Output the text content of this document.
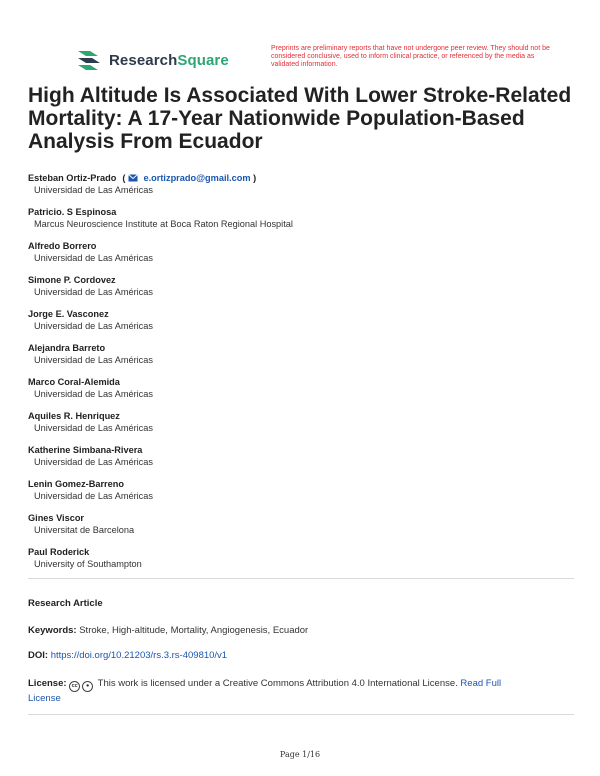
ResearchSquare
Preprints are preliminary reports that have not undergone peer review. They should not be considered conclusive, used to inform clinical practice, or referenced by the media as validated information.
High Altitude Is Associated With Lower Stroke-Related Mortality: A 17-Year Nationwide Population-Based Analysis From Ecuador
Esteban Ortiz-Prado ( e.ortizprado@gmail.com )
Universidad de Las Américas
Patricio. S Espinosa
Marcus Neuroscience Institute at Boca Raton Regional Hospital
Alfredo Borrero
Universidad de Las Américas
Simone P. Cordovez
Universidad de Las Américas
Jorge E. Vasconez
Universidad de Las Américas
Alejandra Barreto
Universidad de Las Américas
Marco Coral-Alemida
Universidad de Las Américas
Aquiles R. Henriquez
Universidad de Las Américas
Katherine Simbana-Rivera
Universidad de Las Américas
Lenin Gomez-Barreno
Universidad de Las Américas
Gines Viscor
Universitat de Barcelona
Paul Roderick
University of Southampton
Research Article
Keywords: Stroke, High-altitude, Mortality, Angiogenesis, Ecuador
DOI: https://doi.org/10.21203/rs.3.rs-409810/v1
License: cc ● This work is licensed under a Creative Commons Attribution 4.0 International License. Read Full
License
Page 1/16
